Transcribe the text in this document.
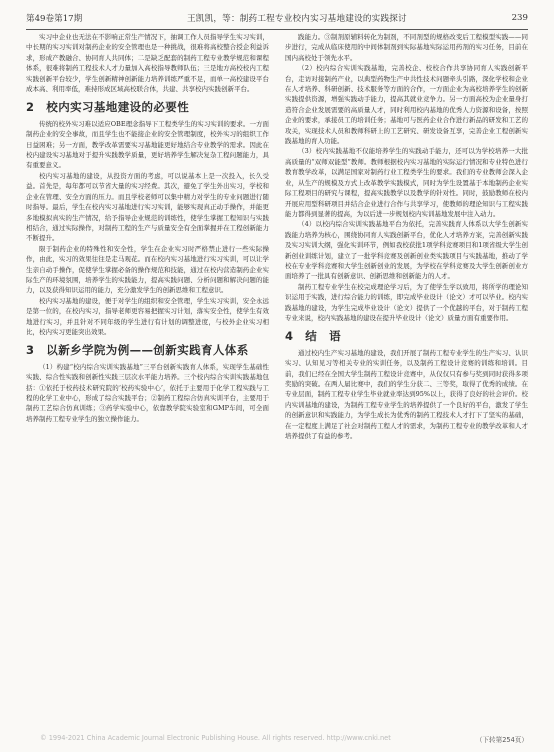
第49卷第17期	王凯凯，等：制药工程专业校内实习基地建设的实践探讨	239

实习中企业也无法在不影响正常生产情况下，抽调工作人员指导学生实习实训，中长期的实习实训对制药企业的安全管理也是一种挑战，很难将高校整合授企利益诉求，形成产教融合、协同育人共同体；二是缺乏配套的制药工程专业教学规范和课程体系，很难将制药工程技术人才力量加入高校指导教师队伍；三是地方高校校内工程实践创新平台较少，学生创新精神创新能力培养训练严重不足，而单一高校建设平台成本高、利用率低，难持形成区域高校联合体，共建、共享校内实践创新平台。

2　校内实习基地建设的必要性

传统的校外实习难以适应OBE理念指导下工程类学生的实习实训的要求。一方面制药企业的安全事故，而且学生也不能接企业的安全管理制度，校外实习的组织工作日益困难；另一方面，教学改革需要实习基地能更好地结合专业教学的需求。因此在校内建设实习基地对于提升实践教学质量，更好培养学生解决复杂工程问题能力，具有重要意义。

校内实习基地的建设，从投资方面的考虑，可以说基本上是一次投入，长久受益。首先是，每年都可以节省大量的实习经费。其次，避免了学生外出实习，学校和企业在管理、安全方面的压力。而且学校老师可以集中精力对学生的专业问题进行随时指导。最后，学生在校内实习基地进行实习实训，能够实现真正动手操作，并能更多地模拟真实的生产情况，给予指导企业规范的训练性，使学生掌握工程知识与实践相结合，通过实际操作，对制药工程的生产与质量安全有全面掌握并在工程创新能力不断提升。

限于制药企业的特殊性和安全性，学生在企业实习时严格禁止进行一些实际操作，由此，实习的效果往往是走马观花。而在校内实习基地进行实习实训，可以让学生亲自动手操作，促使学生掌握必备的操作规范和技能，通过在校内营造制药企业实际生产的环境氛围，培养学生的实践能力，提高实践问题、分析问题和解决问题的能力，以及获得知识运用的能力，充分激发学生的创新思维和工程意识。

校内实习基地的建设，便于对学生的组织和安全管理，学生实习实训，安全永远是第一位的，在校内实习，指导老师更容易把握实习计划，落实安全性，使学生有效地进行实习，并且针对不同年级的学生进行有计划的调整进度，与校外企业实习相比，校内实习更能突出效果。

3　以新乡学院为例——创新实践育人体系

（1）构建“校内综合实训实践基地”三平台创新实践育人体系，实现学生基础性实践、综合性实践和创新性实践三层次水平能力培养。三个校内综合实训实践基地包括：①依托于校药技术研究院的‘校药实验中心’，依托于主要用于化学工程实践与工程的化学工业中心，形成了综合实践平台；②制药工程综合仿真实训平台，主要用于制药工艺综合仿真训练；③药学实验中心，依靠教学院实验室和GMP车间，可全面培养制药工程专业学生的独立操作能力。

践能力。③制剂原辅料转化为制剂，不同剂型的规格改变后工程模型实践——同步进行，完成从临床使用的中间体制剂到实际基地实际运用药剂的实习任务，目前在国内高校处于领先水平。

（2）校内综合实训实践基地，完善校企、校校合作共享协同育人实践创新平台，走访对接制药产业，以典型药物生产中共性技术问题牵头引路，深化学校和企业在人才培养、科研创新、技术服务等方面的合作，一方面企业为高校培养学生的创新实践提供资源，增强实践动手能力，提高其就业竞争力。另一方面高校为企业量身打造符合企业发展需要的高质量人才，同时利用校内基地的优秀人力资源和设备，按照企业的要求，承接员工的培训任务；基地可与医药企业合作进行新品的研发和工艺的攻关，实现技术人员和教师科研上的工艺研究、研发设备互享，完善企业工程创新实践基地的育人功能。

（3）校内实践基地不仅能培养学生的实践动手能力，还可以为学校培养一大批高质量的“双师双能型”教师。教师根据校内实习基地的实际运行情况和专业特色进行教育教学改革，以满足国家对制药行业工程类学生的要求。我们的专业教师会深入企业，从生产的规模及方式上改革教学实践模式，同时为学生设置基于本地制药企业实际工程项目的研究与课程，提高实践教学以及教学的针对性。同时，鼓励教师在校内开展应用型科研项目并结合企业进行合作与共享学习，使教师的理论知识与工程实践能力都得到显著的提高，为以后进一步规划校内实训基地发展中注入动力。

（4）以校内综合实训实践基地平台为依托，完善实践育人体系以大学生创新实践能力培养为核心，围绕协同育人实践创新平台，优化人才培养方案，完善创新实践及实习实训大纲，强化实训环节，例如我校获批1项学科竞赛项目和1项省级大学生创新创业训练计划，建立了一批学科竞赛及创新创业类实践项目与实践基地，推动了学校在专业学科竞赛和大学生创新创业的发展，为学校在学科竞赛及大学生创新创业方面培养了一批具有创新意识、创新思维和创新能力的人才。

制药工程专业学生在校完成理论学习后，为了使学生学以致用，将所学的理论知识运用于实践，进行综合能力的训练，即完成毕业设计（论文）才可以毕业。校内实践基地的建设，为学生完成毕业设计（论文）提供了一个优越的平台，对于制药工程专业来说，校内实践基地的建设在提升毕业设计（论文）质量方面有重要作用。

4　结　语

通过校内生产实习基地的建设，我们开展了制药工程专业学生的生产实习、认识实习、认知见习等相关专业的实训任务，以及制药工程设计竞赛的训练和培训。目前，我们已经在全国大学生制药工程设计竞赛中，从仅仅只有参与奖到同时获得多项奖励的突破。在两人届比赛中，我们的学生分获二、三等奖，取得了优秀的成绩。在专业层面，制药工程专业学生毕业就业率达到95%以上，获得了良好的社会评价。校内实训基地的建设，为制药工程专业学生的培养提供了一个良好的平台，激发了学生的创新意识和实践能力，为学生成长为优秀的制药工程技术人才打下了坚实的基础，在一定程度上满足了社会对制药工程人才的需求，为制药工程专业的教学改革和人才培养提供了有益的参考。

© 1994-2021 China Academic Journal Electronic Publishing House. All rights reserved. http://www.cnki.net	（下转第254页）
